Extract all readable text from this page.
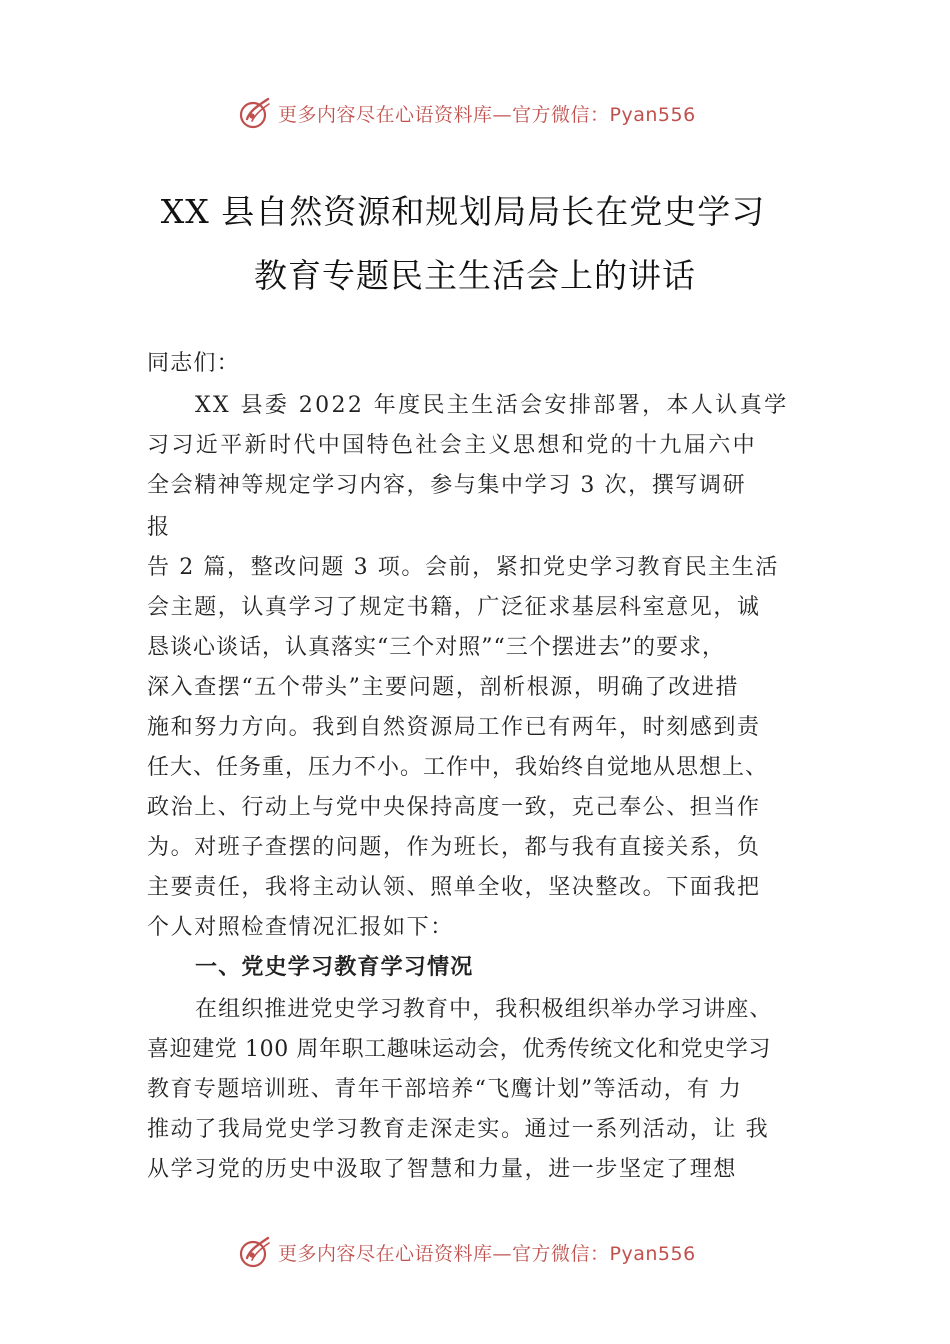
更多内容尽在心语资料库—官方微信：Pyan556
XX 县自然资源和规划局局长在党史学习
教育专题民主生活会上的讲话
同志们：
XX 县委 2022 年度民主生活会安排部署，本人认真学
习习近平新时代中国特色社会主义思想和党的十九届六中
全会精神等规定学习内容，参与集中学习 3 次，撰写调研
报
告 2 篇，整改问题 3 项。会前，紧扣党史学习教育民主生活
会主题，认真学习了规定书籍，广泛征求基层科室意见，诚
恳谈心谈话，认真落实“三个对照”“三个摆进去”的要求，
深入查摆“五个带头”主要问题，剖析根源，明确了改进措
施和努力方向。我到自然资源局工作已有两年，时刻感到责
任大、任务重，压力不小。工作中，我始终自觉地从思想上、
政治上、行动上与党中央保持高度一致，克己奉公、担当作
为。对班子查摆的问题，作为班长，都与我有直接关系，负
主要责任，我将主动认领、照单全收，坚决整改。下面我把
个人对照检查情况汇报如下：
一、党史学习教育学习情况
在组织推进党史学习教育中，我积极组织举办学习讲座、
喜迎建党 100 周年职工趣味运动会，优秀传统文化和党史学习
教育专题培训班、青年干部培养“飞鹰计划”等活动，有 力
推动了我局党史学习教育走深走实。通过一系列活动，让 我
从学习党的历史中汲取了智慧和力量，进一步坚定了理想
更多内容尽在心语资料库—官方微信：Pyan556
